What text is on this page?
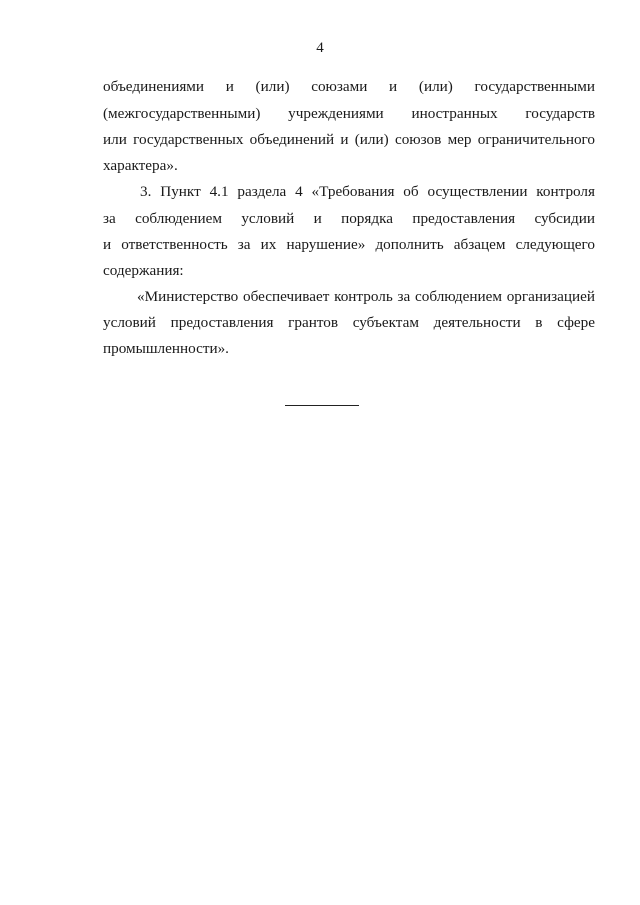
4
объединениями и (или) союзами и (или) государственными
(межгосударственными) учреждениями иностранных государств
или государственных объединений и (или) союзов мер ограничительного
характера».
3. Пункт 4.1 раздела 4 «Требования об осуществлении контроля
за соблюдением условий и порядка предоставления субсидии
и ответственность за их нарушение» дополнить абзацем следующего
содержания:
«Министерство обеспечивает контроль за соблюдением организацией
условий предоставления грантов субъектам деятельности в сфере
промышленности».
